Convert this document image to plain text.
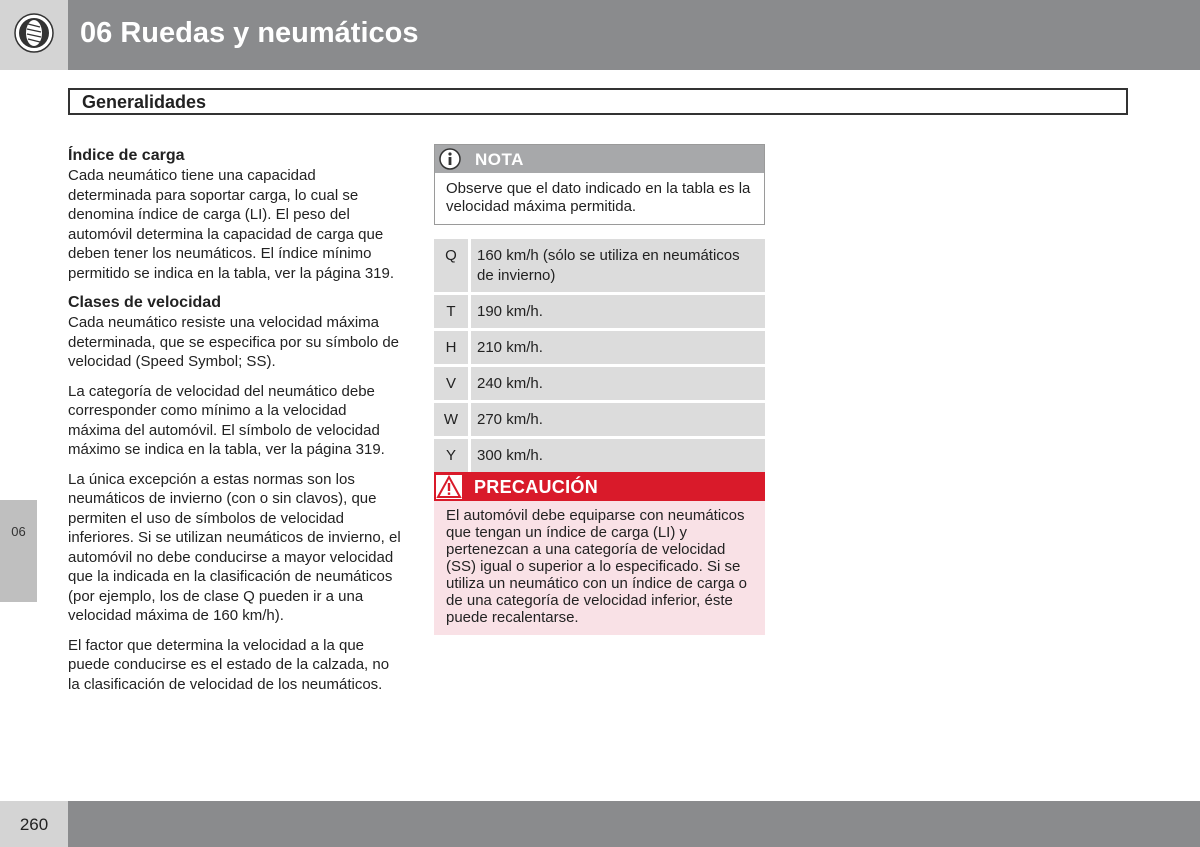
06 Ruedas y neumáticos
Generalidades
06
Índice de carga

Cada neumático tiene una capacidad determinada para soportar carga, lo cual se denomina índice de carga (LI). El peso del automóvil determina la capacidad de carga que deben tener los neumáticos. El índice mínimo permitido se indica en la tabla, ver la página 319.

Clases de velocidad

Cada neumático resiste una velocidad máxima determinada, que se especifica por su símbolo de velocidad (Speed Symbol; SS).

La categoría de velocidad del neumático debe corresponder como mínimo a la velocidad máxima del automóvil. El símbolo de velocidad máximo se indica en la tabla, ver la página 319.

La única excepción a estas normas son los neumáticos de invierno (con o sin clavos), que permiten el uso de símbolos de velocidad inferiores. Si se utilizan neumáticos de invierno, el automóvil no debe conducirse a mayor velocidad que la indicada en la clasificación de neumáticos (por ejemplo, los de clase Q pueden ir a una velocidad máxima de 160 km/h).

El factor que determina la velocidad a la que puede conducirse es el estado de la calzada, no la clasificación de velocidad de los neumáticos.

NOTA
Observe que el dato indicado en la tabla es la velocidad máxima permitida.
Q	160 km/h (sólo se utiliza en neumáticos de invierno)
T	190 km/h.
H	210 km/h.
V	240 km/h.
W	270 km/h.
Y	300 km/h.
PRECAUCIÓN
El automóvil debe equiparse con neumáticos que tengan un índice de carga (LI) y pertenezcan a una categoría de velocidad (SS) igual o superior a lo especificado. Si se utiliza un neumático con un índice de carga o de una categoría de velocidad inferior, éste puede recalentarse.
260
